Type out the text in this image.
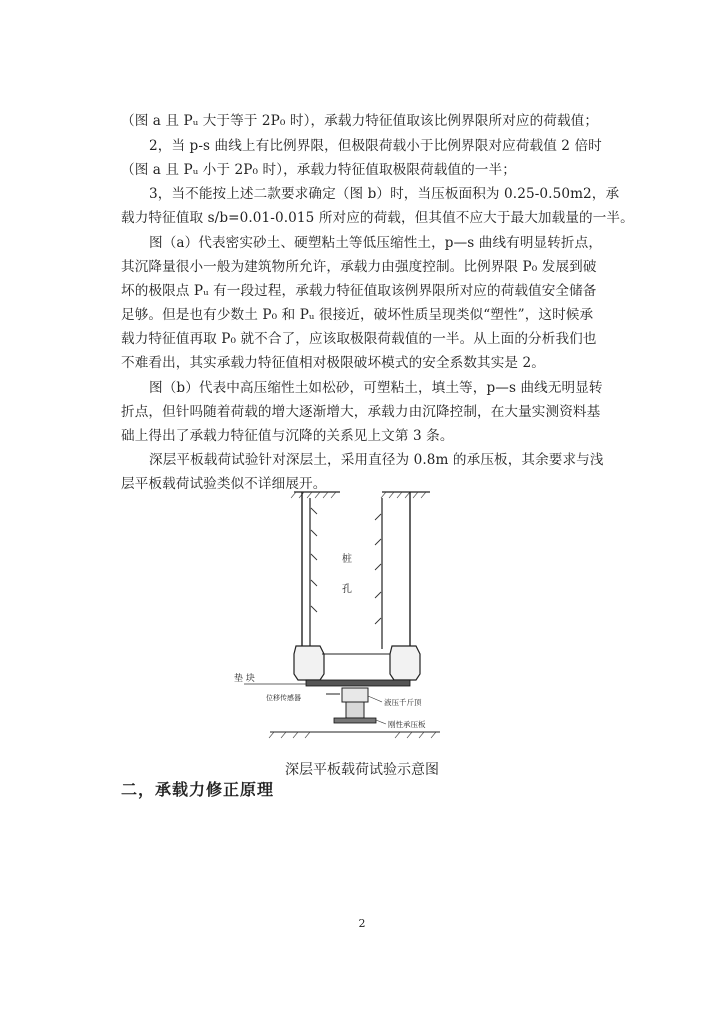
（图 a 且 Pᵤ 大于等于 2P₀ 时），承载力特征值取该比例界限所对应的荷载值；
2，当 p-s 曲线上有比例界限，但极限荷载小于比例界限对应荷载值 2 倍时
（图 a 且 Pᵤ 小于 2P₀ 时），承载力特征值取极限荷载值的一半；
3，当不能按上述二款要求确定（图 b）时，当压板面积为 0.25-0.50m2，承
载力特征值取 s/b=0.01-0.015 所对应的荷载，但其值不应大于最大加载量的一半。
图（a）代表密实砂土、硬塑粘土等低压缩性土，p—s 曲线有明显转折点，
其沉降量很小一般为建筑物所允许，承载力由强度控制。比例界限 P₀ 发展到破
坏的极限点 Pᵤ 有一段过程，承载力特征值取该例界限所对应的荷载值安全储备
足够。但是也有少数土 P₀ 和 Pᵤ 很接近，破坏性质呈现类似“塑性”，这时候承
载力特征值再取 P₀ 就不合了，应该取极限荷载值的一半。从上面的分析我们也
不难看出，其实承载力特征值相对极限破坏模式的安全系数其实是 2。
图（b）代表中高压缩性土如松砂，可塑粘土，填土等，p—s 曲线无明显转
折点，但针吗随着荷载的增大逐渐增大，承载力由沉降控制，在大量实测资料基
础上得出了承载力特征值与沉降的关系见上文第 3 条。
深层平板载荷试验针对深层土，采用直径为 0.8m 的承压板，其余要求与浅
层平板载荷试验类似不详细展开。
桩
孔
垫 块
液压千斤顶
位移传感器
刚性承压板
深层平板载荷试验示意图
二，承载力修正原理
2
